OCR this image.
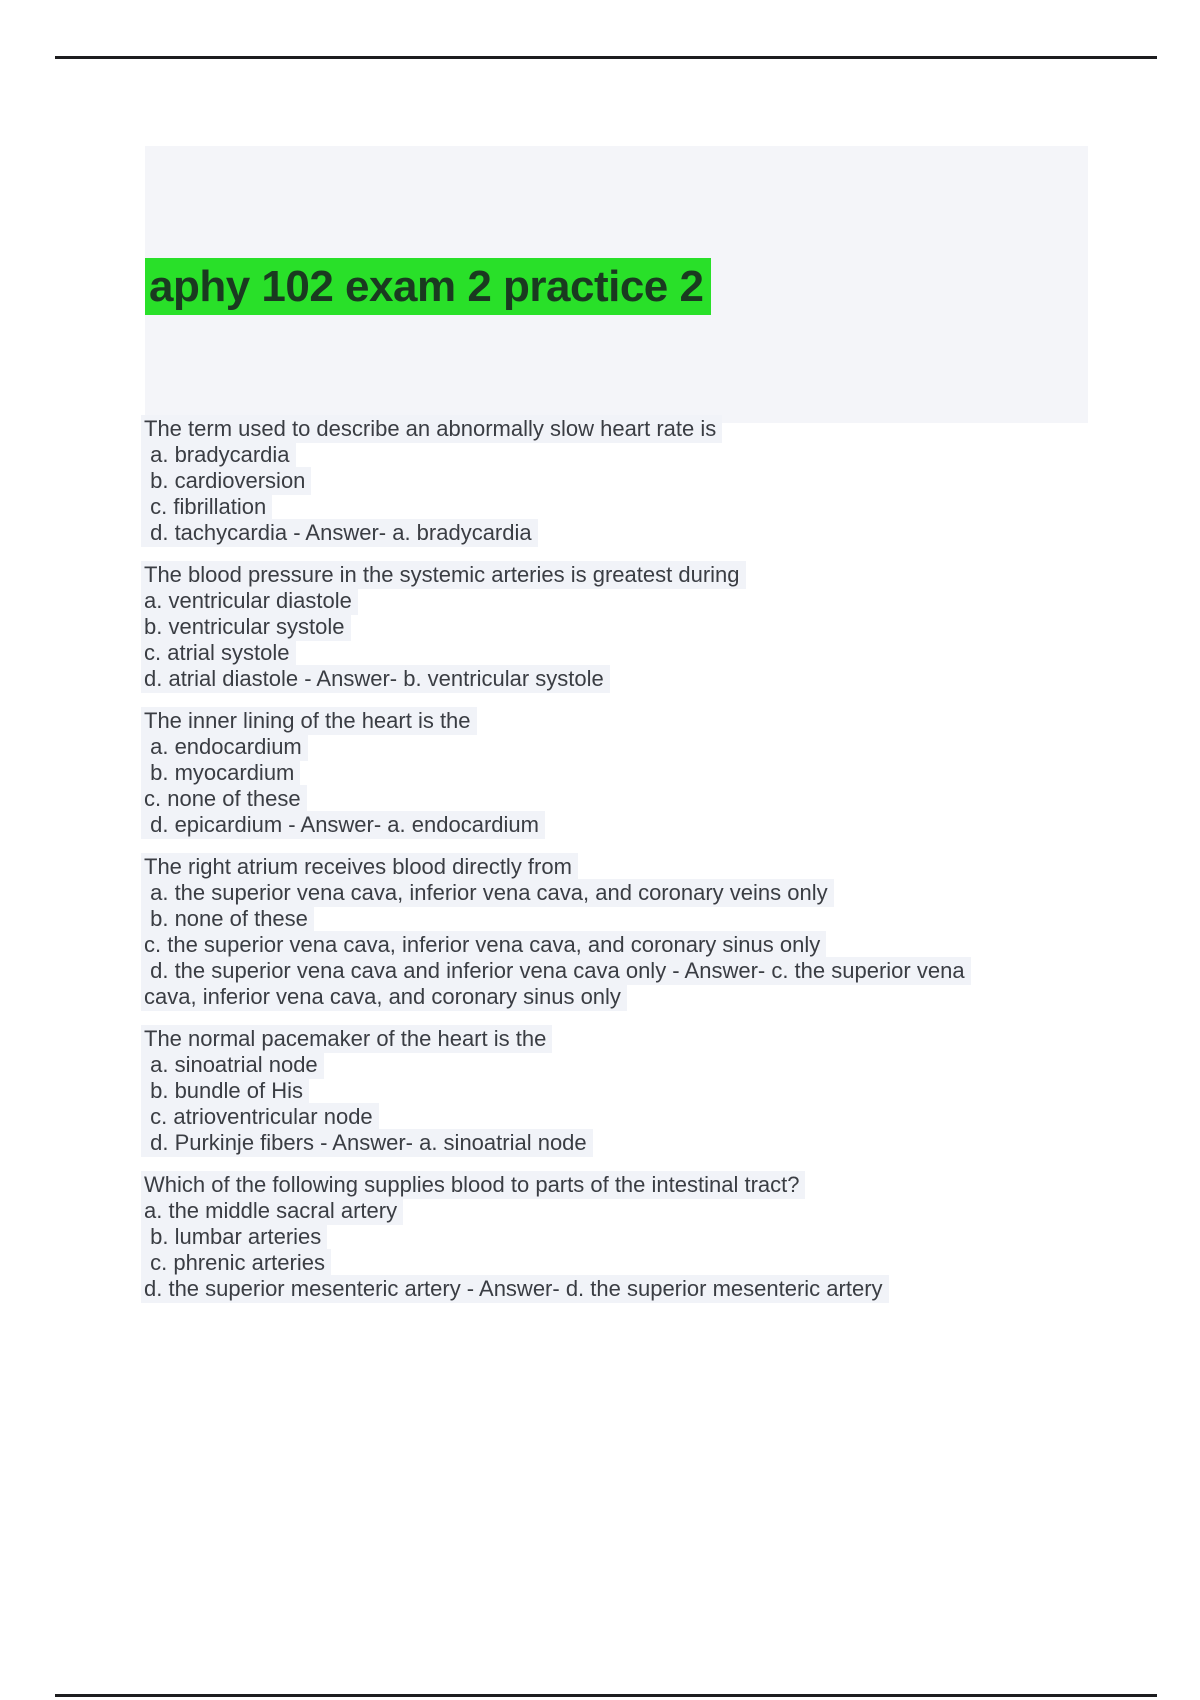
aphy 102 exam 2 practice 2
The term used to describe an abnormally slow heart rate is
a. bradycardia
b. cardioversion
c. fibrillation
d. tachycardia - Answer- a. bradycardia
The blood pressure in the systemic arteries is greatest during
a. ventricular diastole
b. ventricular systole
c. atrial systole
d. atrial diastole - Answer- b. ventricular systole
The inner lining of the heart is the
a. endocardium
b. myocardium
c. none of these
d. epicardium - Answer- a. endocardium
The right atrium receives blood directly from
a. the superior vena cava, inferior vena cava, and coronary veins only
b. none of these
c. the superior vena cava, inferior vena cava, and coronary sinus only
d. the superior vena cava and inferior vena cava only - Answer- c. the superior vena
cava, inferior vena cava, and coronary sinus only
The normal pacemaker of the heart is the
a. sinoatrial node
b. bundle of His
c. atrioventricular node
d. Purkinje fibers - Answer- a. sinoatrial node
Which of the following supplies blood to parts of the intestinal tract?
a. the middle sacral artery
b. lumbar arteries
c. phrenic arteries
d. the superior mesenteric artery - Answer- d. the superior mesenteric artery
